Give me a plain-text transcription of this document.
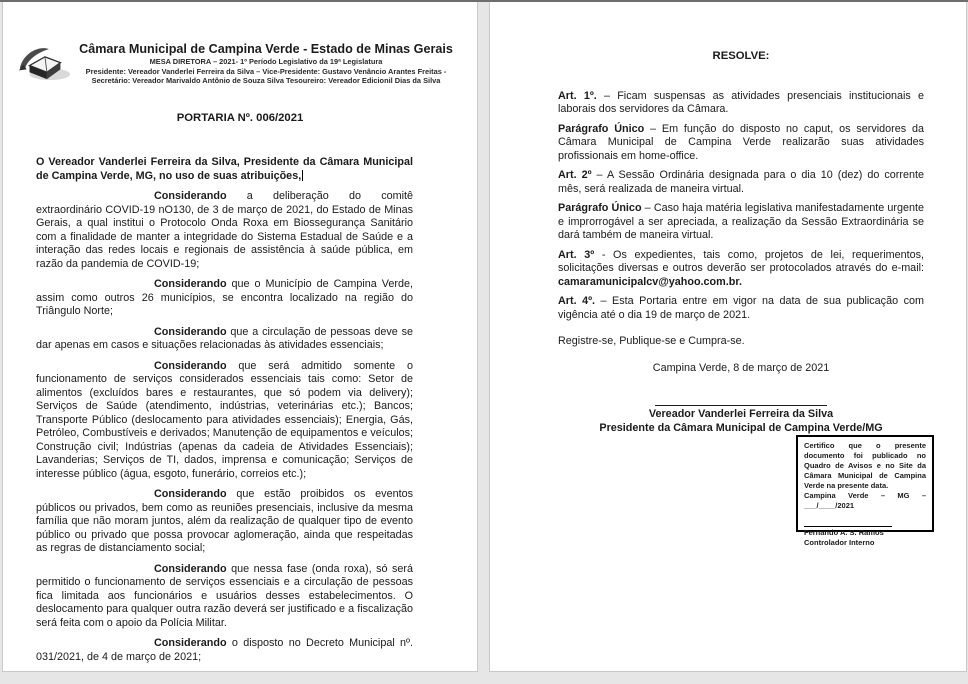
Câmara Municipal de Campina Verde - Estado de Minas Gerais
MESA DIRETORA – 2021- 1º Período Legislativo da 19ª Legislatura
Presidente: Vereador Vanderlei Ferreira da Silva – Vice-Presidente: Gustavo Venâncio Arantes Freitas -
Secretário: Vereador Marivaldo Antônio de Souza Silva Tesoureiro: Vereador Edicionil Dias da Silva
PORTARIA Nº. 006/2021

O Vereador Vanderlei Ferreira da Silva, Presidente da Câmara Municipal de Campina Verde, MG, no uso de suas atribuições,

Considerando a deliberação do comitê extraordinário COVID-19 nO130, de 3 de março de 2021, do Estado de Minas Gerais, a qual institui o Protocolo Onda Roxa em Biossegurança Sanitário com a finalidade de manter a integridade do Sistema Estadual de Saúde e a interação das redes locais e regionais de assistência à saúde pública, em razão da pandemia de COVID-19;

Considerando que o Município de Campina Verde, assim como outros 26 municípios, se encontra localizado na região do Triângulo Norte;

Considerando que a circulação de pessoas deve se dar apenas em casos e situações relacionadas às atividades essenciais;

Considerando que será admitido somente o funcionamento de serviços considerados essenciais tais como: Setor de alimentos (excluídos bares e restaurantes, que só podem via delivery); Serviços de Saúde (atendimento, indústrias, veterinárias etc.); Bancos; Transporte Público (deslocamento para atividades essenciais); Energia, Gás, Petróleo, Combustíveis e derivados; Manutenção de equipamentos e veículos; Construção civil; Indústrias (apenas da cadeia de Atividades Essenciais); Lavanderias; Serviços de TI, dados, imprensa e comunicação; Serviços de interesse público (água, esgoto, funerário, correios etc.);

Considerando que estão proibidos os eventos públicos ou privados, bem como as reuniões presenciais, inclusive da mesma família que não moram juntos, além da realização de qualquer tipo de evento público ou privado que possa provocar aglomeração, ainda que respeitadas as regras de distanciamento social;

Considerando que nessa fase (onda roxa), só será permitido o funcionamento de serviços essenciais e a circulação de pessoas fica limitada aos funcionários e usuários desses estabelecimentos. O deslocamento para qualquer outra razão deverá ser justificado e a fiscalização será feita com o apoio da Polícia Militar.

Considerando o disposto no Decreto Municipal nº. 031/2021, de 4 de março de 2021;

RESOLVE:

Art. 1º. – Ficam suspensas as atividades presenciais institucionais e laborais dos servidores da Câmara.

Parágrafo Único – Em função do disposto no caput, os servidores da Câmara Municipal de Campina Verde realizarão suas atividades profissionais em home-office.

Art. 2º – A Sessão Ordinária designada para o dia 10 (dez) do corrente mês, será realizada de maneira virtual.

Parágrafo Único – Caso haja matéria legislativa manifestadamente urgente e improrrogável a ser apreciada, a realização da Sessão Extraordinária se dará também de maneira virtual.

Art. 3º - Os expedientes, tais como, projetos de lei, requerimentos, solicitações diversas e outros deverão ser protocolados através do e-mail: camaramunicipalcv@yahoo.com.br.

Art. 4º. – Esta Portaria entre em vigor na data de sua publicação com vigência até o dia 19 de março de 2021.

Registre-se, Publique-se e Cumpra-se.

Campina Verde, 8 de março de 2021

Vereador Vanderlei Ferreira da Silva
Presidente da Câmara Municipal de Campina Verde/MG
Certifico que o presente documento foi publicado no Quadro de Avisos e no Site da Câmara Municipal de Campina Verde na presente data.
Campina Verde – MG – ___/____/2021
Fernando A. S. Ramos
Controlador Interno
